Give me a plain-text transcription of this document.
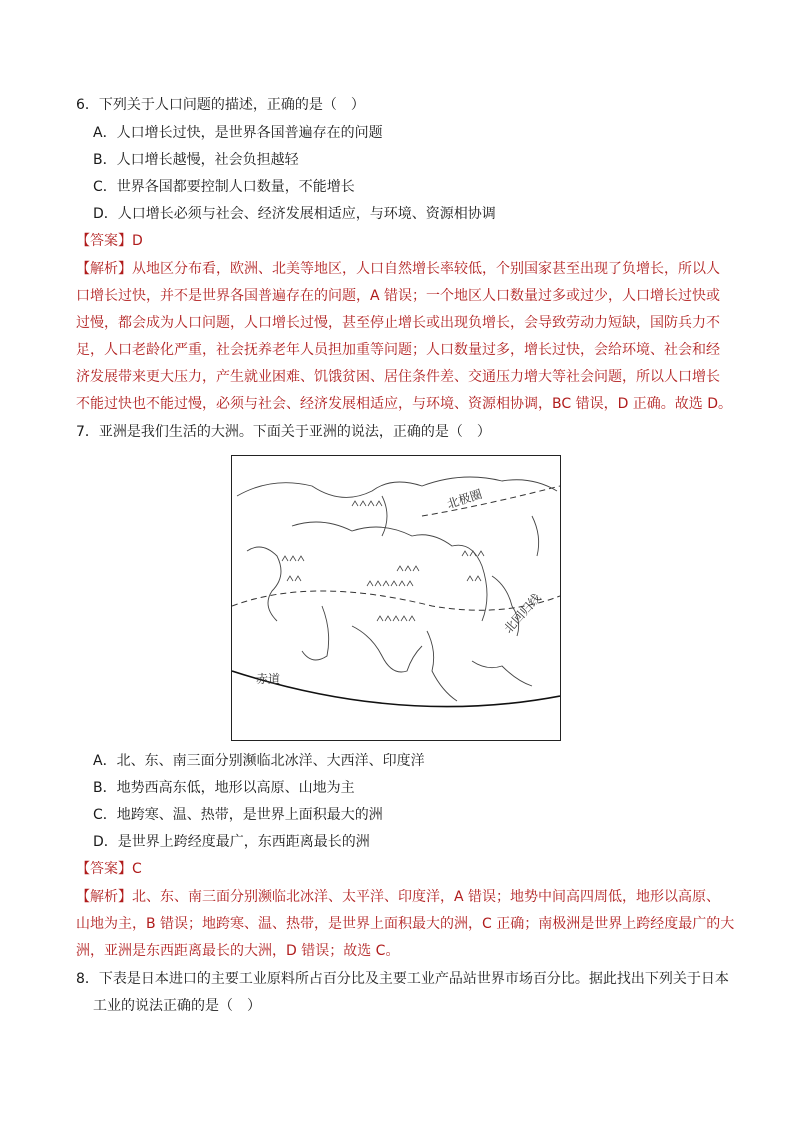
6．下列关于人口问题的描述，正确的是（　）
A．人口增长过快，是世界各国普遍存在的问题
B．人口增长越慢，社会负担越轻
C．世界各国都要控制人口数量，不能增长
D．人口增长必须与社会、经济发展相适应，与环境、资源相协调
【答案】D
【解析】从地区分布看，欧洲、北美等地区，人口自然增长率较低，个别国家甚至出现了负增长，所以人
口增长过快，并不是世界各国普遍存在的问题，A 错误；一个地区人口数量过多或过少，人口增长过快或
过慢，都会成为人口问题，人口增长过慢，甚至停止增长或出现负增长，会导致劳动力短缺，国防兵力不
足，人口老龄化严重，社会抚养老年人员担加重等问题；人口数量过多，增长过快，会给环境、社会和经
济发展带来更大压力，产生就业困难、饥饿贫困、居住条件差、交通压力增大等社会问题，所以人口增长
不能过快也不能过慢，必须与社会、经济发展相适应，与环境、资源相协调，BC 错误，D 正确。故选 D。
7．亚洲是我们生活的大洲。下面关于亚洲的说法，正确的是（　）
北极圈
北回归线
赤道
A．北、东、南三面分别濒临北冰洋、大西洋、印度洋
B．地势西高东低，地形以高原、山地为主
C．地跨寒、温、热带，是世界上面积最大的洲
D．是世界上跨经度最广，东西距离最长的洲
【答案】C
【解析】北、东、南三面分别濒临北冰洋、太平洋、印度洋，A 错误；地势中间高四周低，地形以高原、
山地为主，B 错误；地跨寒、温、热带，是世界上面积最大的洲，C 正确；南极洲是世界上跨经度最广的大
洲，亚洲是东西距离最长的大洲，D 错误；故选 C。
8．下表是日本进口的主要工业原料所占百分比及主要工业产品站世界市场百分比。据此找出下列关于日本
工业的说法正确的是（　）
